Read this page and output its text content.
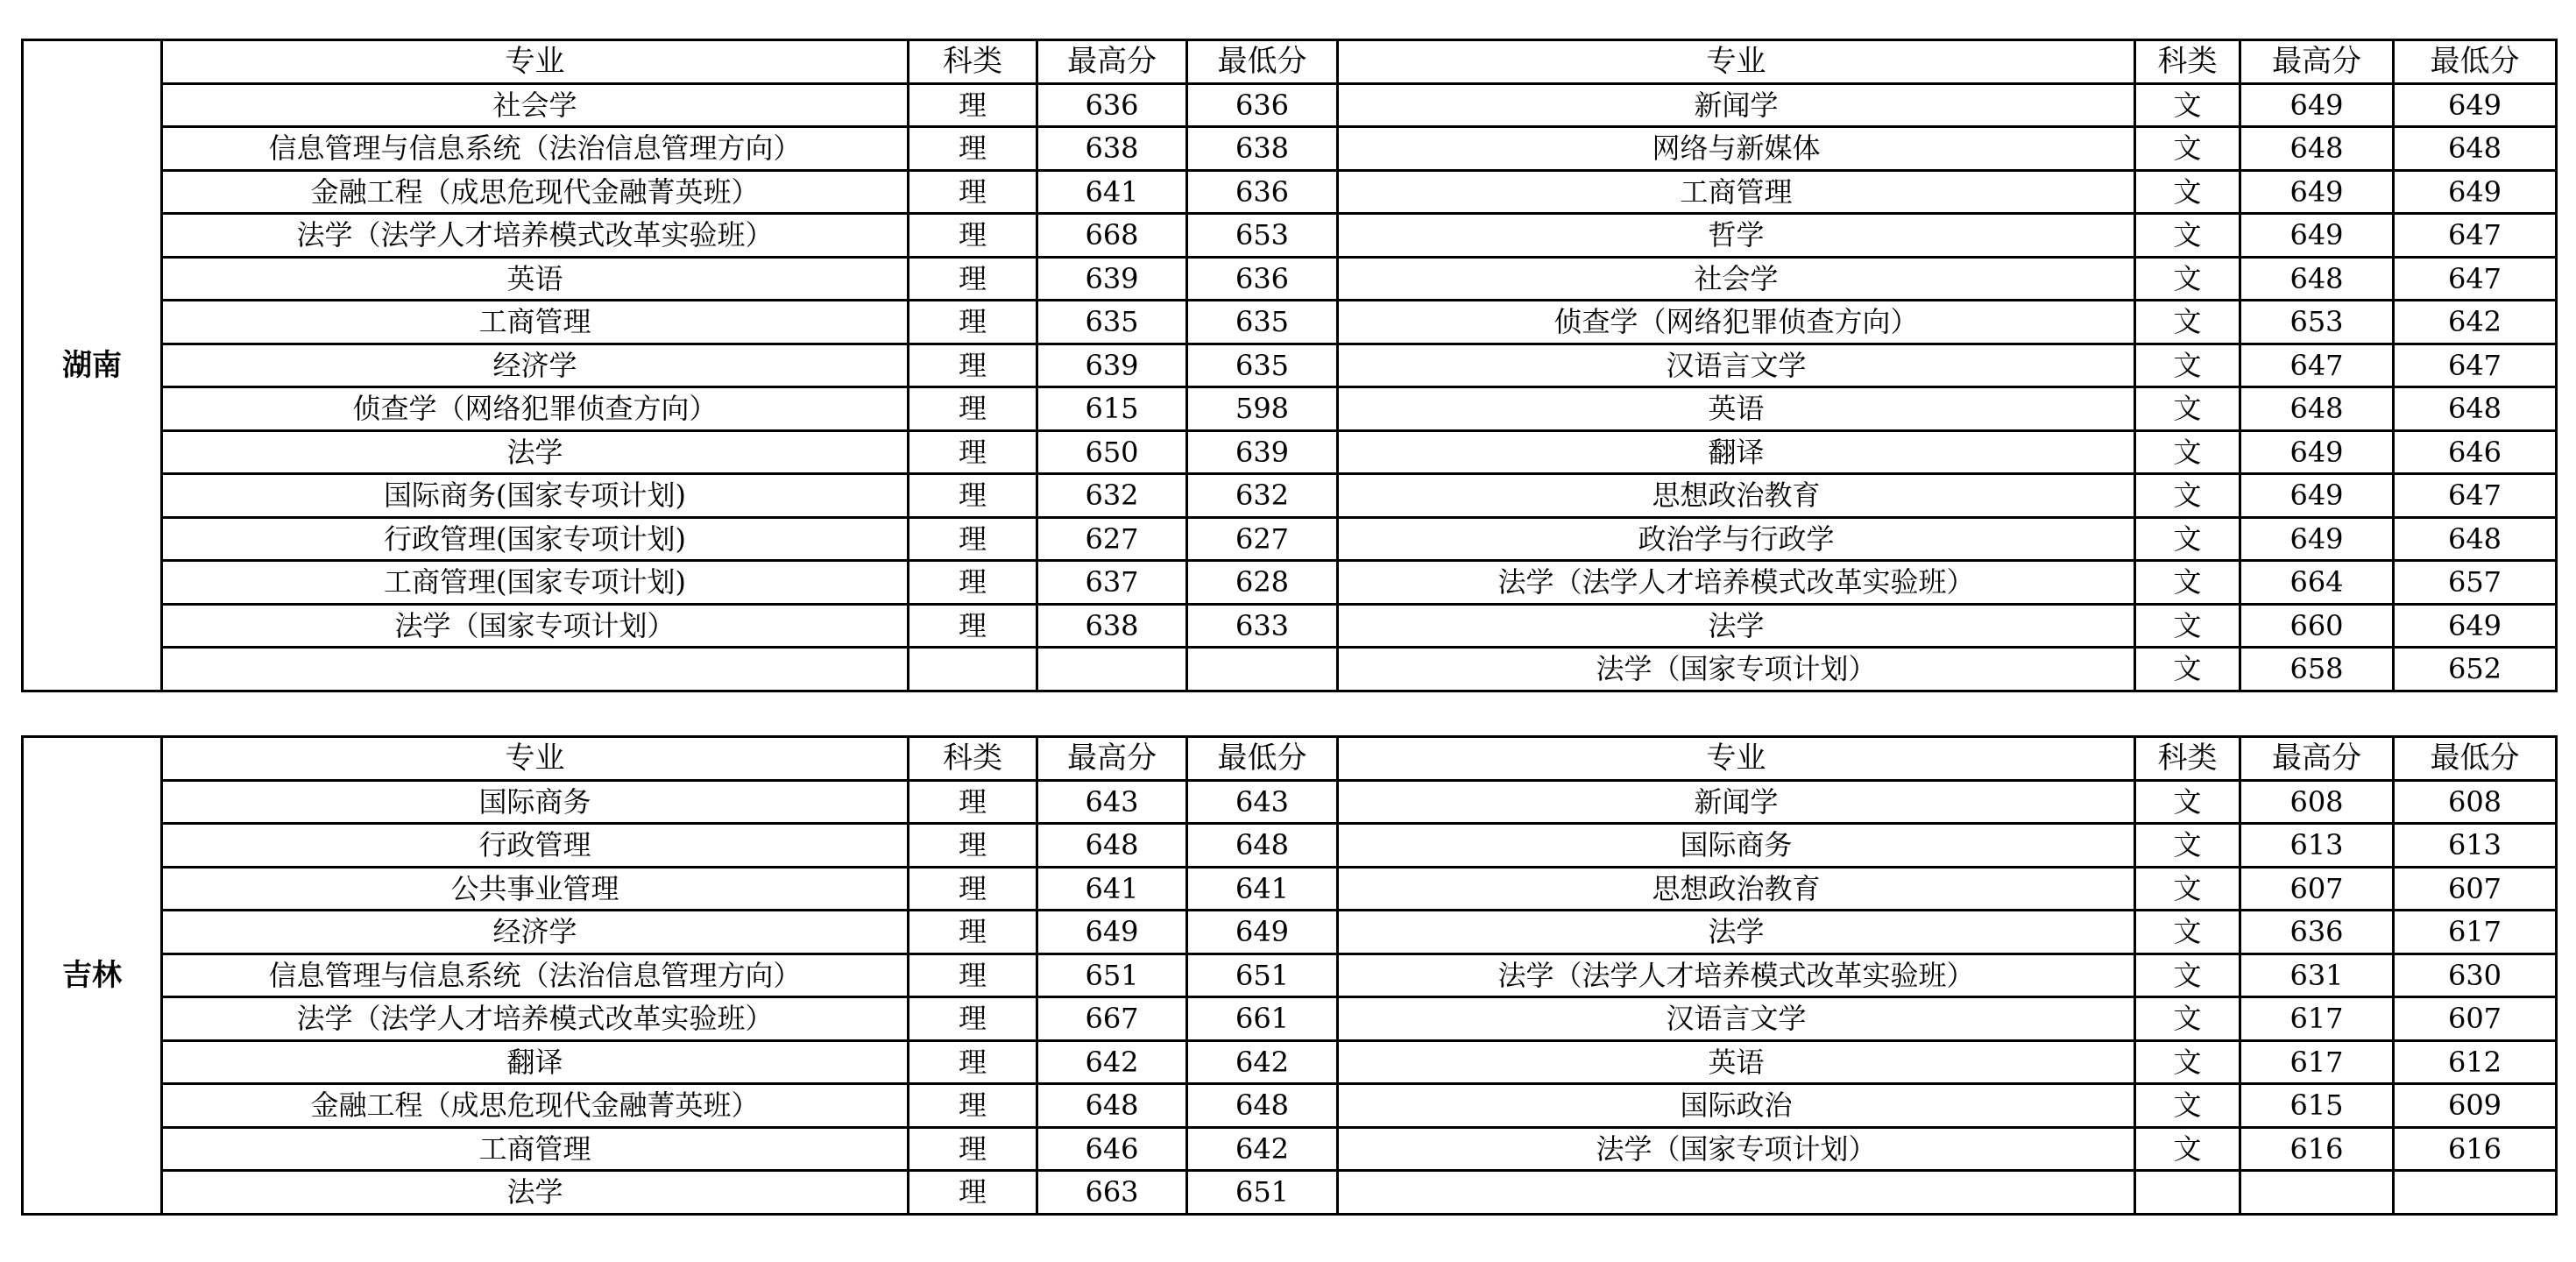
湖南	专业	科类	最高分	最低分	专业	科类	最高分	最低分
	社会学	理	636	636	新闻学	文	649	649
	信息管理与信息系统（法治信息管理方向）	理	638	638	网络与新媒体	文	648	648
	金融工程（成思危现代金融菁英班）	理	641	636	工商管理	文	649	649
	法学（法学人才培养模式改革实验班）	理	668	653	哲学	文	649	647
	英语	理	639	636	社会学	文	648	647
	工商管理	理	635	635	侦查学（网络犯罪侦查方向）	文	653	642
	经济学	理	639	635	汉语言文学	文	647	647
	侦查学（网络犯罪侦查方向）	理	615	598	英语	文	648	648
	法学	理	650	639	翻译	文	649	646
	国际商务(国家专项计划)	理	632	632	思想政治教育	文	649	647
	行政管理(国家专项计划)	理	627	627	政治学与行政学	文	649	648
	工商管理(国家专项计划)	理	637	628	法学（法学人才培养模式改革实验班）	文	664	657
	法学（国家专项计划）	理	638	633	法学	文	660	649
					法学（国家专项计划）	文	658	652
吉林	专业	科类	最高分	最低分	专业	科类	最高分	最低分
	国际商务	理	643	643	新闻学	文	608	608
	行政管理	理	648	648	国际商务	文	613	613
	公共事业管理	理	641	641	思想政治教育	文	607	607
	经济学	理	649	649	法学	文	636	617
	信息管理与信息系统（法治信息管理方向）	理	651	651	法学（法学人才培养模式改革实验班）	文	631	630
	法学（法学人才培养模式改革实验班）	理	667	661	汉语言文学	文	617	607
	翻译	理	642	642	英语	文	617	612
	金融工程（成思危现代金融菁英班）	理	648	648	国际政治	文	615	609
	工商管理	理	646	642	法学（国家专项计划）	文	616	616
	法学	理	663	651				
